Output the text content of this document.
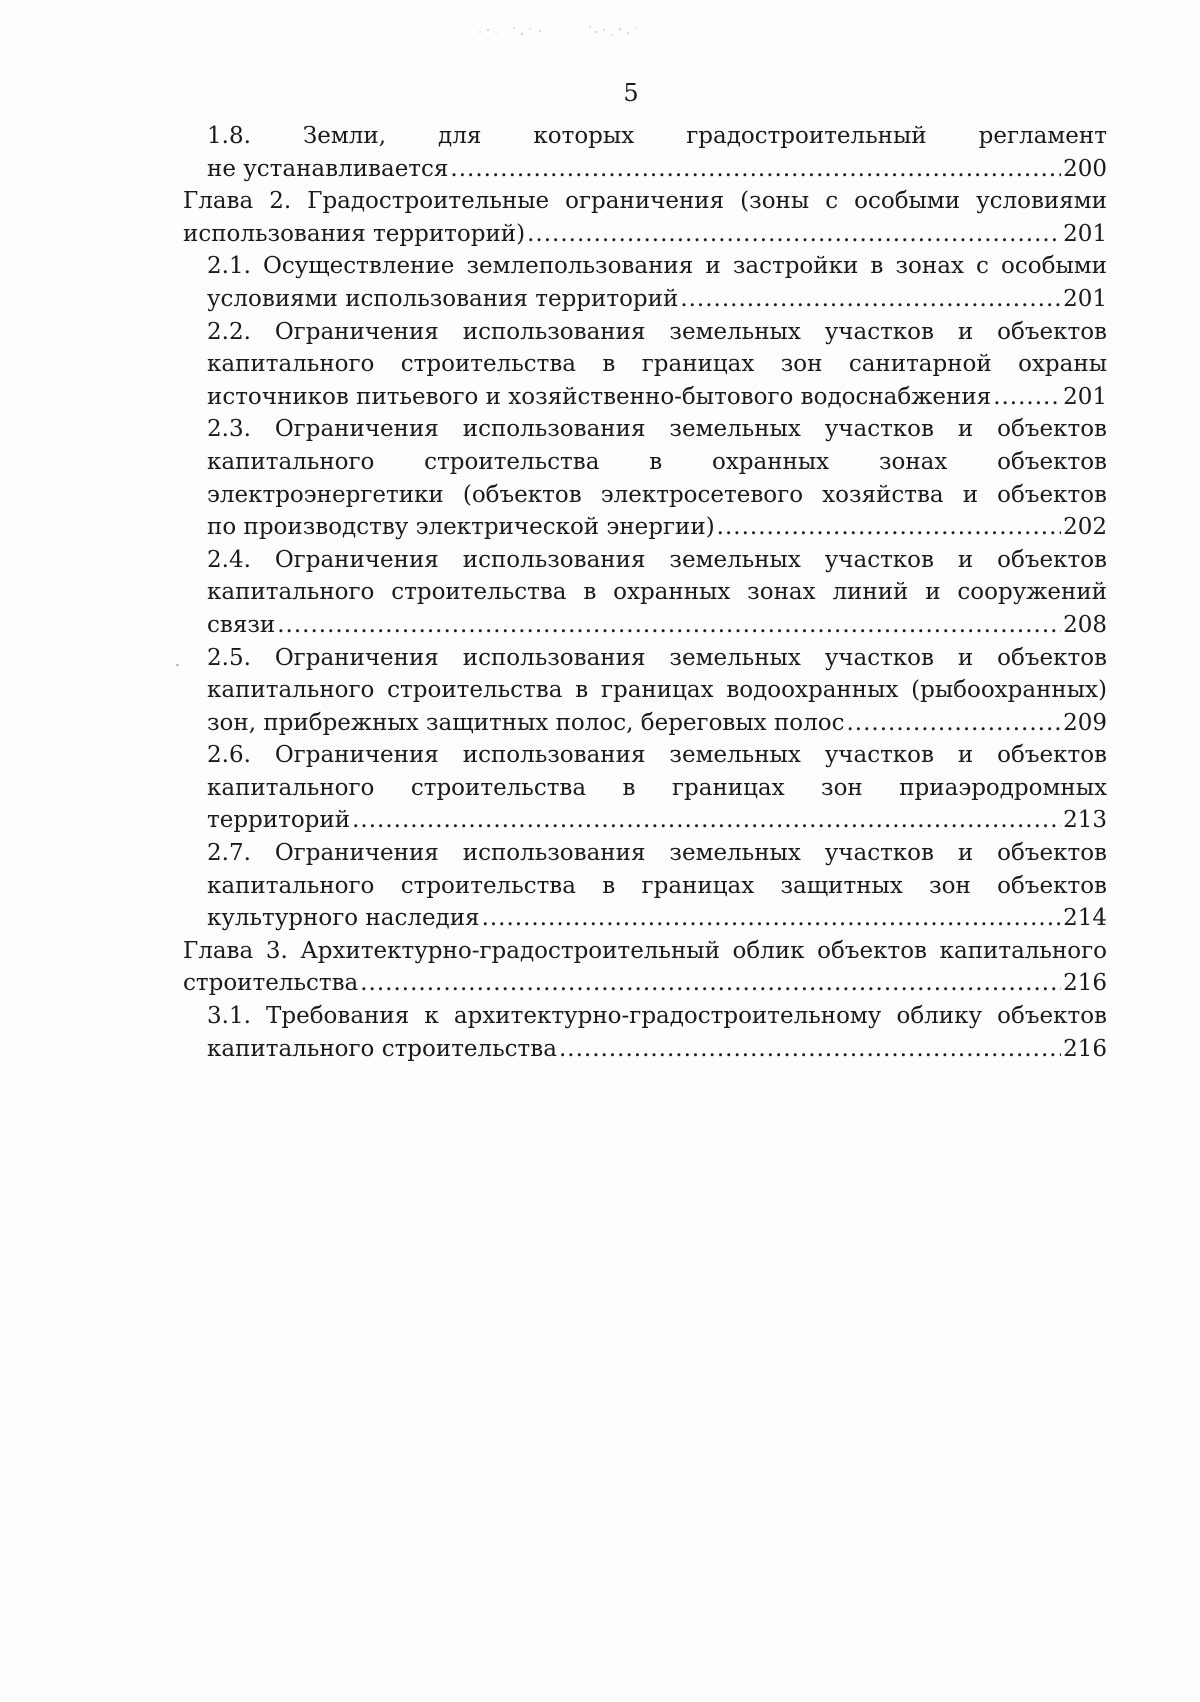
5
1.8. Земли, для которых градостроительный регламент
не устанавливается .....	200
Глава 2. Градостроительные ограничения (зоны с особыми условиями
использования территорий) .....	201
2.1. Осуществление землепользования и застройки в зонах с особыми
условиями использования территорий .....	201
2.2. Ограничения использования земельных участков и объектов
капитального строительства в границах зон санитарной охраны
источников питьевого и хозяйственно-бытового водоснабжения .....	201
2.3. Ограничения использования земельных участков и объектов
капитального строительства в охранных зонах объектов
электроэнергетики (объектов электросетевого хозяйства и объектов
по производству электрической энергии) .....	202
2.4. Ограничения использования земельных участков и объектов
капитального строительства в охранных зонах линий и сооружений
связи .....	208
2.5. Ограничения использования земельных участков и объектов
капитального строительства в границах водоохранных (рыбоохранных)
зон, прибрежных защитных полос, береговых полос .....	209
2.6. Ограничения использования земельных участков и объектов
капитального строительства в границах зон приаэродромных
территорий .....	213
2.7. Ограничения использования земельных участков и объектов
капитального строительства в границах защитных зон объектов
культурного наследия .....	214
Глава 3. Архитектурно-градостроительный облик объектов капитального
строительства .....	216
3.1. Требования к архитектурно-градостроительному облику объектов
капитального строительства .....	216
